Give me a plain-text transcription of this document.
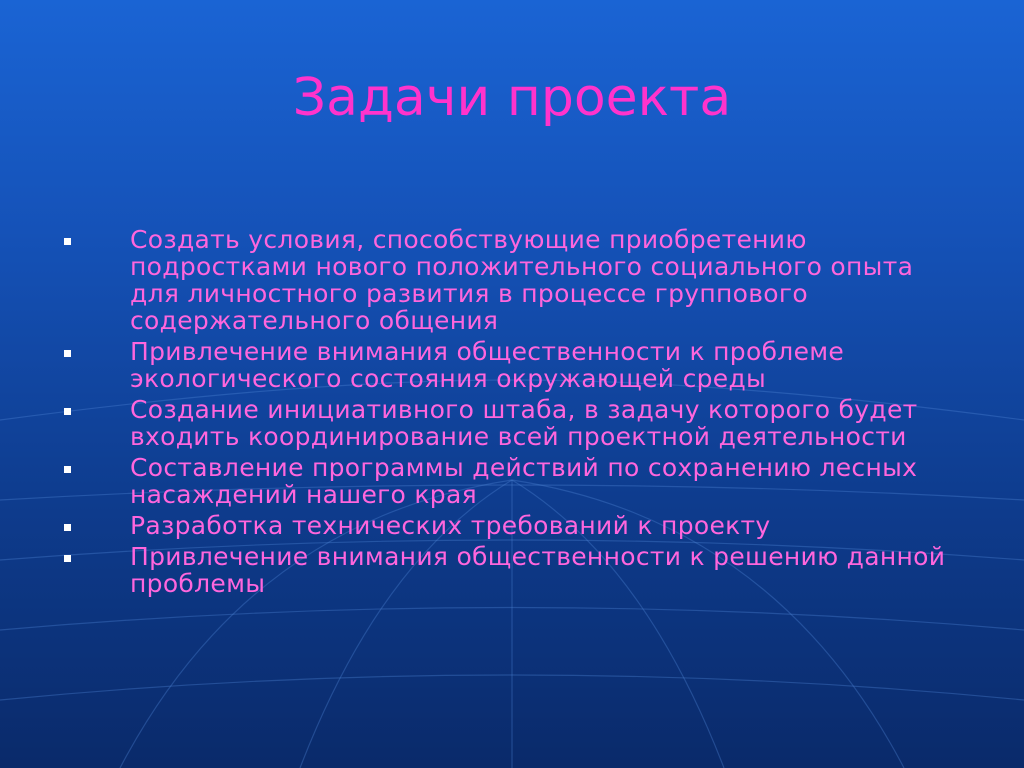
Задачи проекта
Создать условия, способствующие приобретению подростками нового положительного социального опыта для личностного развития в процессе группового содержательного общения
Привлечение внимания общественности к проблеме экологического состояния окружающей среды
Создание инициативного штаба, в задачу которого будет входить координирование всей проектной деятельности
Составление программы действий по сохранению лесных насаждений нашего края
Разработка технических требований к проекту
Привлечение внимания общественности к решению данной проблемы
